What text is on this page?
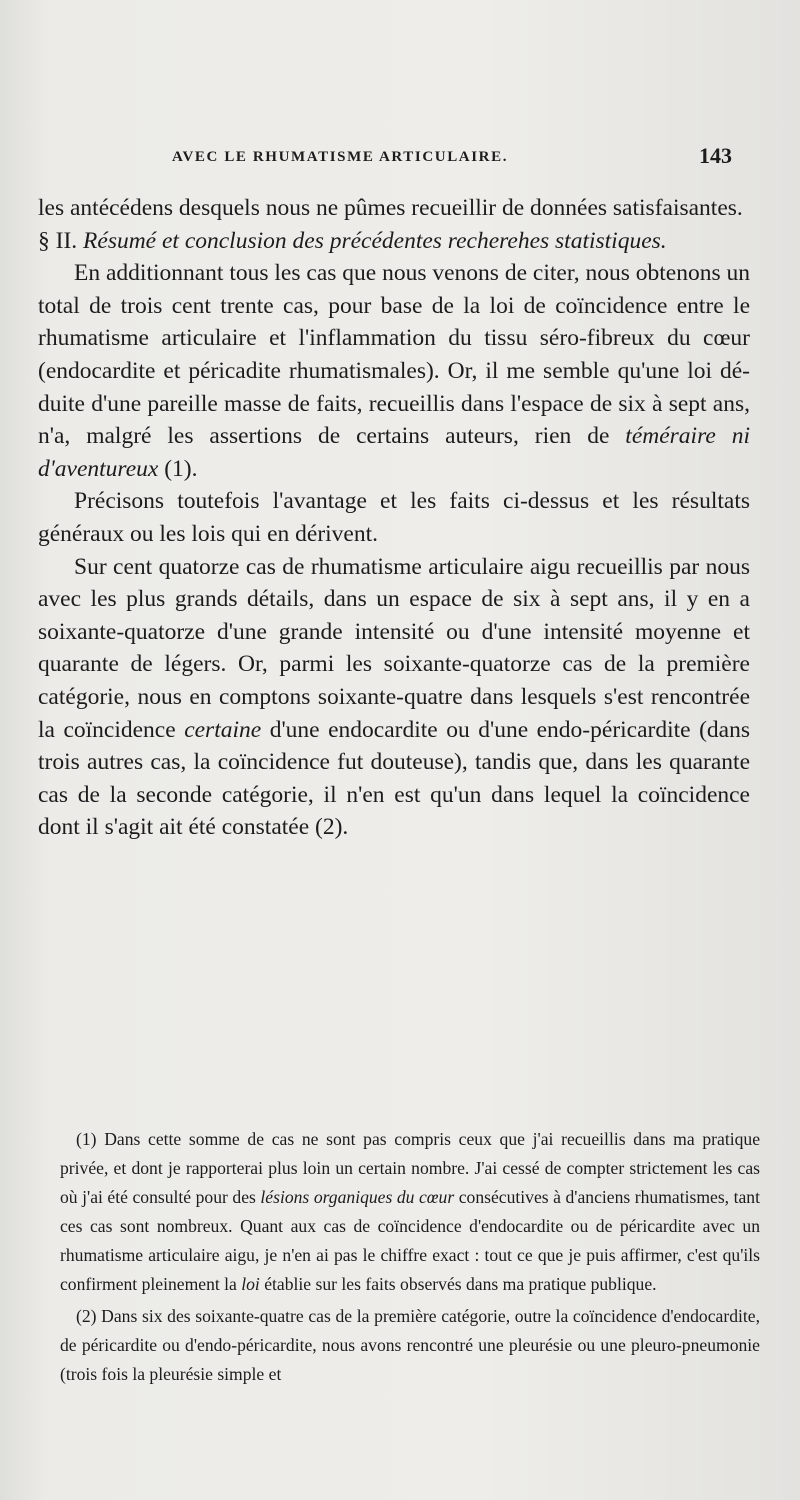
AVEC LE RHUMATISME ARTICULAIRE.	143

les antécédens desquels nous ne pûmes recueillir de données satisfaisantes.

§ II. Résumé et conclusion des précédentes recherehes statistiques.

En additionnant tous les cas que nous venons de citer, nous obtenons un total de trois cent trente cas, pour base de la loi de coïncidence entre le rhumatisme articulaire et l'inflammation du tissu séro-fibreux du cœur (endocardite et péricadite rhumatismales). Or, il me semble qu'une loi déduite d'une pareille masse de faits, recueillis dans l'espace de six à sept ans, n'a, malgré les assertions de certains auteurs, rien de téméraire ni d'aventureux (1).

Précisons toutefois l'avantage et les faits ci-dessus et les résultats généraux ou les lois qui en dérivent.

Sur cent quatorze cas de rhumatisme articulaire aigu recueillis par nous avec les plus grands détails, dans un espace de six à sept ans, il y en a soixante-quatorze d'une grande intensité ou d'une intensité moyenne et quarante de légers. Or, parmi les soixante-quatorze cas de la première catégorie, nous en comptons soixante-quatre dans lesquels s'est rencontrée la coïncidence certaine d'une endocardite ou d'une endo-péricardite (dans trois autres cas, la coïncidence fut douteuse), tandis que, dans les quarante cas de la seconde catégorie, il n'en est qu'un dans lequel la coïncidence dont il s'agit ait été constatée (2).

(1) Dans cette somme de cas ne sont pas compris ceux que j'ai recueillis dans ma pratique privée, et dont je rapporterai plus loin un certain nombre. J'ai cessé de compter strictement les cas où j'ai été consulté pour des lésions organiques du cœur consécutives à d'anciens rhumatismes, tant ces cas sont nombreux. Quant aux cas de coïncidence d'endocardite ou de péricardite avec un rhumatisme articulaire aigu, je n'en ai pas le chiffre exact : tout ce que je puis affirmer, c'est qu'ils confirment pleinement la loi établie sur les faits observés dans ma pratique publique.

(2) Dans six des soixante-quatre cas de la première catégorie, outre la coïncidence d'endocardite, de péricardite ou d'endo-péricardite, nous avons rencontré une pleurésie ou une pleuro-pneumonie (trois fois la pleurésie simple et
